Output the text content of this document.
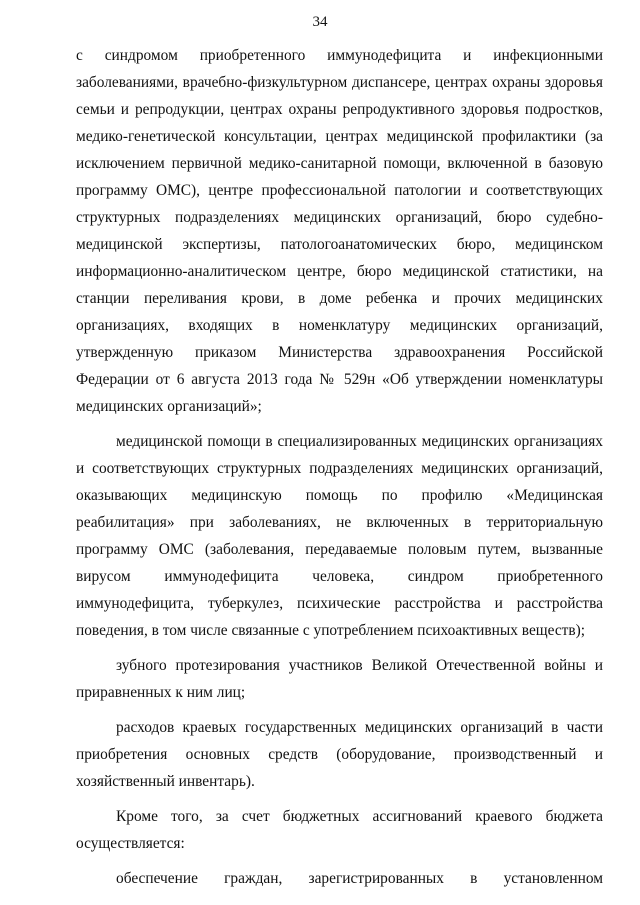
34

с синдромом приобретенного иммунодефицита и инфекционными
заболеваниями, врачебно-физкультурном диспансере, центрах охраны здоровья
семьи и репродукции, центрах охраны репродуктивного здоровья подростков,
медико-генетической консультации, центрах медицинской профилактики (за
исключением первичной медико-санитарной помощи, включенной в базовую
программу ОМС), центре профессиональной патологии и соответствующих
структурных подразделениях медицинских организаций, бюро судебно-
медицинской экспертизы, патологоанатомических бюро, медицинском
информационно-аналитическом центре, бюро медицинской статистики, на
станции переливания крови, в доме ребенка и прочих медицинских
организациях, входящих в номенклатуру медицинских организаций,
утвержденную приказом Министерства здравоохранения Российской
Федерации от 6 августа 2013 года № 529н «Об утверждении номенклатуры
медицинских организаций»;

медицинской помощи в специализированных медицинских организациях
и соответствующих структурных подразделениях медицинских организаций,
оказывающих медицинскую помощь по профилю «Медицинская
реабилитация» при заболеваниях, не включенных в территориальную
программу ОМС (заболевания, передаваемые половым путем, вызванные
вирусом иммунодефицита человека, синдром приобретенного
иммунодефицита, туберкулез, психические расстройства и расстройства
поведения, в том числе связанные с употреблением психоактивных веществ);

зубного протезирования участников Великой Отечественной войны и
приравненных к ним лиц;

расходов краевых государственных медицинских организаций в части
приобретения основных средств (оборудование, производственный и
хозяйственный инвентарь).

Кроме того, за счет бюджетных ассигнований краевого бюджета
осуществляется:

обеспечение граждан, зарегистрированных в установленном
